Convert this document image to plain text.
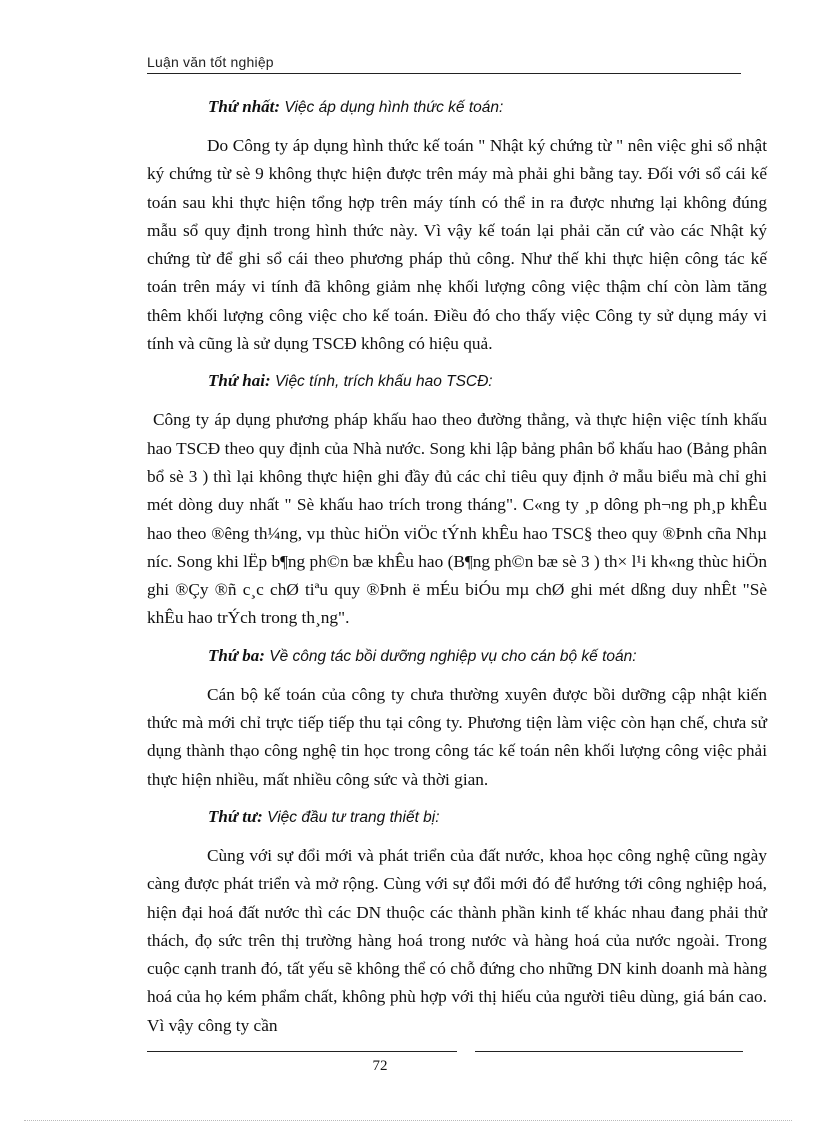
Luận văn tốt nghiệp
Thứ nhất: Việc áp dụng hình thức kế toán:

Do Công ty áp dụng hình thức kế toán " Nhật ký chứng từ " nên việc ghi sổ nhật ký chứng từ sè 9 không thực hiện được trên máy mà phải ghi bằng tay. Đối với sổ cái kế toán sau khi thực hiện tổng hợp trên máy tính có thể in ra được nhưng lại không đúng mẫu sổ quy định trong hình thức này. Vì vậy kế toán lại phải căn cứ vào các Nhật ký chứng từ để ghi sổ cái theo phương pháp thủ công. Như thế khi thực hiện công tác kế toán trên máy vi tính đã không giảm nhẹ khối lượng công việc thậm chí còn làm tăng thêm khối lượng công việc cho kế toán. Điều đó cho thấy việc Công ty sử dụng máy vi tính và cũng là sử dụng TSCĐ không có hiệu quả.

Thứ hai: Việc tính, trích khấu hao TSCĐ:

Công ty áp dụng phương pháp khấu hao theo đường thẳng, và thực hiện việc tính khấu hao TSCĐ theo quy định của Nhà nước. Song khi lập bảng phân bổ khấu hao (Bảng phân bổ sè 3 ) thì lại không thực hiện ghi đầy đủ các chỉ tiêu quy định ở mẫu biểu mà chỉ ghi mét dòng duy nhất " Sè khấu hao trích trong tháng". C«ng ty ¸p dông ph¬ng ph¸p khÊu hao theo ®êng th¼ng, vµ thùc hiÖn viÖc tÝnh khÊu hao TSC§ theo quy ®Þnh cña Nhµ níc. Song khi lËp b¶ng ph©n bæ khÊu hao (B¶ng ph©n bæ sè 3 ) th× l¹i kh«ng thùc hiÖn ghi ®Çy ®ñ c¸c chØ tiªu quy ®Þnh ë mÉu biÓu mµ chØ ghi mét dßng duy nhÊt "Sè khÊu hao trÝch trong th¸ng".

Thứ ba: Về công tác bồi dưỡng nghiệp vụ cho cán bộ kế toán:

Cán bộ kế toán của công ty chưa thường xuyên được bồi dưỡng cập nhật kiến thức mà mới chỉ trực tiếp tiếp thu tại công ty. Phương tiện làm việc còn hạn chế, chưa sử dụng thành thạo công nghệ tin học trong công tác kế toán nên khối lượng công việc phải thực hiện nhiều, mất nhiều công sức và thời gian.

Thứ tư: Việc đầu tư trang thiết bị:

Cùng với sự đổi mới và phát triển của đất nước, khoa học công nghệ cũng ngày càng được phát triển và mở rộng. Cùng với sự đổi mới đó để hướng tới công nghiệp hoá, hiện đại hoá đất nước thì các DN thuộc các thành phần kinh tế khác nhau đang phải thử thách, đọ sức trên thị trường hàng hoá trong nước và hàng hoá của nước ngoài. Trong cuộc cạnh tranh đó, tất yếu sẽ không thể có chỗ đứng cho những DN kinh doanh mà hàng hoá của họ kém phẩm chất, không phù hợp với thị hiếu của người tiêu dùng, giá bán cao. Vì vậy công ty cần

72
